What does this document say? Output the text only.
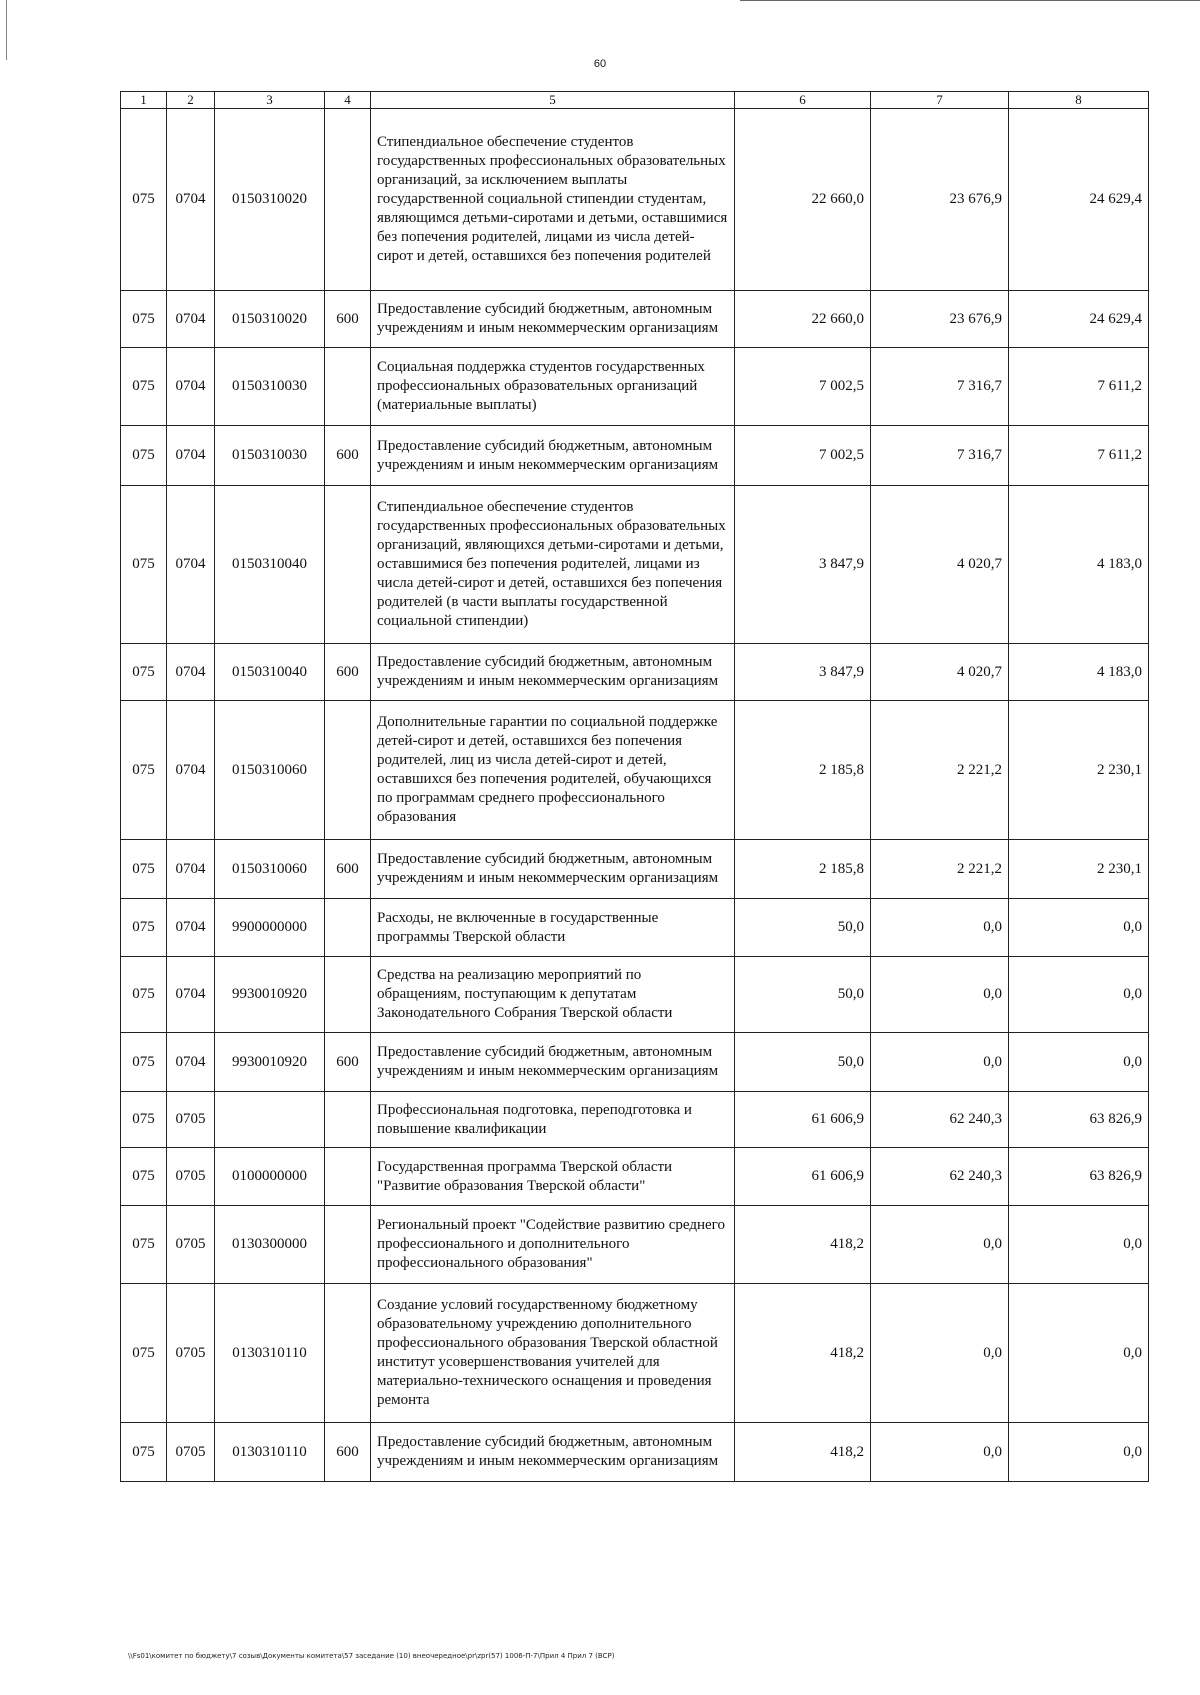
60
1	2	3	4	5	6	7	8
075	0704	0150310020		Стипендиальное обеспечение студентов государственных профессиональных образовательных организаций, за исключением выплаты государственной социальной стипендии студентам, являющимся детьми-сиротами и детьми, оставшимися без попечения родителей, лицами из числа детей-сирот и детей, оставшихся без попечения родителей	22 660,0	23 676,9	24 629,4
075	0704	0150310020	600	Предоставление субсидий бюджетным, автономным учреждениям и иным некоммерческим организациям	22 660,0	23 676,9	24 629,4
075	0704	0150310030		Социальная поддержка студентов государственных профессиональных образовательных организаций (материальные выплаты)	7 002,5	7 316,7	7 611,2
075	0704	0150310030	600	Предоставление субсидий бюджетным, автономным учреждениям и иным некоммерческим организациям	7 002,5	7 316,7	7 611,2
075	0704	0150310040		Стипендиальное обеспечение студентов государственных профессиональных образовательных организаций, являющихся детьми-сиротами и детьми, оставшимися без попечения родителей, лицами из числа детей-сирот и детей, оставшихся без попечения родителей (в части выплаты государственной социальной стипендии)	3 847,9	4 020,7	4 183,0
075	0704	0150310040	600	Предоставление субсидий бюджетным, автономным учреждениям и иным некоммерческим организациям	3 847,9	4 020,7	4 183,0
075	0704	0150310060		Дополнительные гарантии по социальной поддержке детей-сирот и детей, оставшихся без попечения родителей, лиц из числа детей-сирот и детей, оставшихся без попечения родителей, обучающихся по программам среднего профессионального образования	2 185,8	2 221,2	2 230,1
075	0704	0150310060	600	Предоставление субсидий бюджетным, автономным учреждениям и иным некоммерческим организациям	2 185,8	2 221,2	2 230,1
075	0704	9900000000		Расходы, не включенные в государственные программы Тверской области	50,0	0,0	0,0
075	0704	9930010920		Средства на реализацию мероприятий по обращениям, поступающим к депутатам Законодательного Собрания Тверской области	50,0	0,0	0,0
075	0704	9930010920	600	Предоставление субсидий бюджетным, автономным учреждениям и иным некоммерческим организациям	50,0	0,0	0,0
075	0705			Профессиональная подготовка, переподготовка и повышение квалификации	61 606,9	62 240,3	63 826,9
075	0705	0100000000		Государственная программа Тверской области "Развитие образования Тверской области"	61 606,9	62 240,3	63 826,9
075	0705	0130300000		Региональный проект "Содействие развитию среднего профессионального и дополнительного профессионального образования"	418,2	0,0	0,0
075	0705	0130310110		Создание условий государственному бюджетному образовательному учреждению дополнительного профессионального образования Тверской областной институт усовершенствования учителей для материально-технического оснащения и проведения ремонта	418,2	0,0	0,0
075	0705	0130310110	600	Предоставление субсидий бюджетным, автономным учреждениям и иным некоммерческим организациям	418,2	0,0	0,0
\\Fs01\комитет по бюджету\7 созыв\Документы комитета\57 заседание (10) внеочередное\pr\zpr(57) 1006-П-7\Прил 4 Прил 7 (ВСР)
